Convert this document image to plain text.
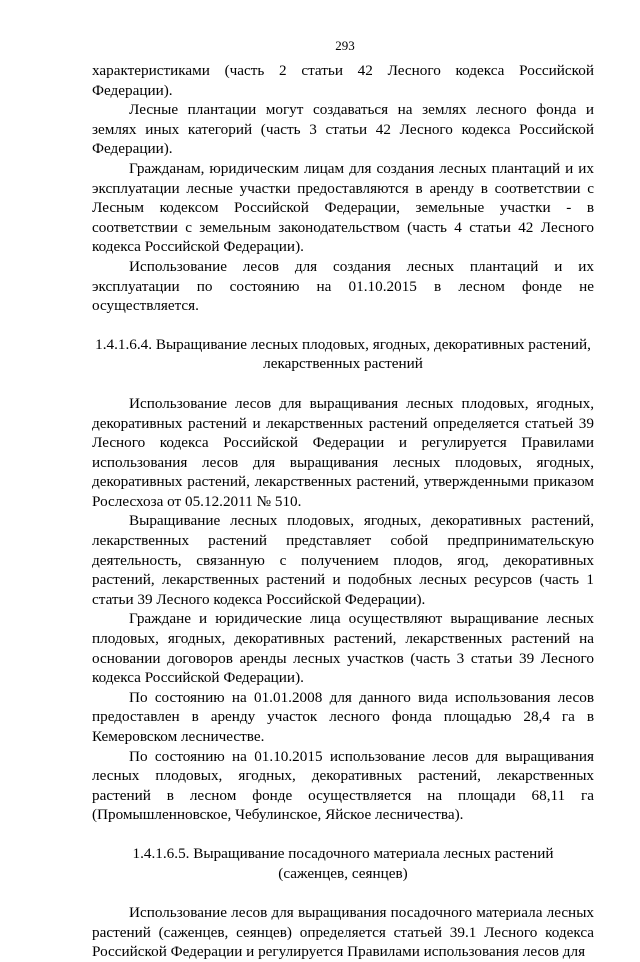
293

характеристиками (часть 2 статьи 42 Лесного кодекса Российской Федерации).

Лесные плантации могут создаваться на землях лесного фонда и землях иных категорий (часть 3 статьи 42 Лесного кодекса Российской Федерации).

Гражданам, юридическим лицам для создания лесных плантаций и их эксплуатации лесные участки предоставляются в аренду в соответствии с Лесным кодексом Российской Федерации, земельные участки - в соответствии с земельным законодательством (часть 4 статьи 42 Лесного кодекса Российской Федерации).

Использование лесов для создания лесных плантаций и их эксплуатации по состоянию на 01.10.2015 в лесном фонде не осуществляется.

1.4.1.6.4. Выращивание лесных плодовых, ягодных, декоративных растений,
лекарственных растений

Использование лесов для выращивания лесных плодовых, ягодных, декоративных растений и лекарственных растений определяется статьей 39 Лесного кодекса Российской Федерации и регулируется Правилами использования лесов для выращивания лесных плодовых, ягодных, декоративных растений, лекарственных растений, утвержденными приказом Рослесхоза от 05.12.2011 № 510.

Выращивание лесных плодовых, ягодных, декоративных растений, лекарственных растений представляет собой предпринимательскую деятельность, связанную с получением плодов, ягод, декоративных растений, лекарственных растений и подобных лесных ресурсов (часть 1 статьи 39 Лесного кодекса Российской Федерации).

Граждане и юридические лица осуществляют выращивание лесных плодовых, ягодных, декоративных растений, лекарственных растений на основании договоров аренды лесных участков (часть 3 статьи 39 Лесного кодекса Российской Федерации).

По состоянию на 01.01.2008 для данного вида использования лесов предоставлен в аренду участок лесного фонда площадью 28,4 га в Кемеровском лесничестве.

По состоянию на 01.10.2015 использование лесов для выращивания лесных плодовых, ягодных, декоративных растений, лекарственных растений в лесном фонде осуществляется на площади 68,11 га (Промышленновское, Чебулинское, Яйское лесничества).

1.4.1.6.5. Выращивание посадочного материала лесных растений
(саженцев, сеянцев)

Использование лесов для выращивания посадочного материала лесных растений (саженцев, сеянцев) определяется статьей 39.1 Лесного кодекса Российской Федерации и регулируется Правилами использования лесов для
